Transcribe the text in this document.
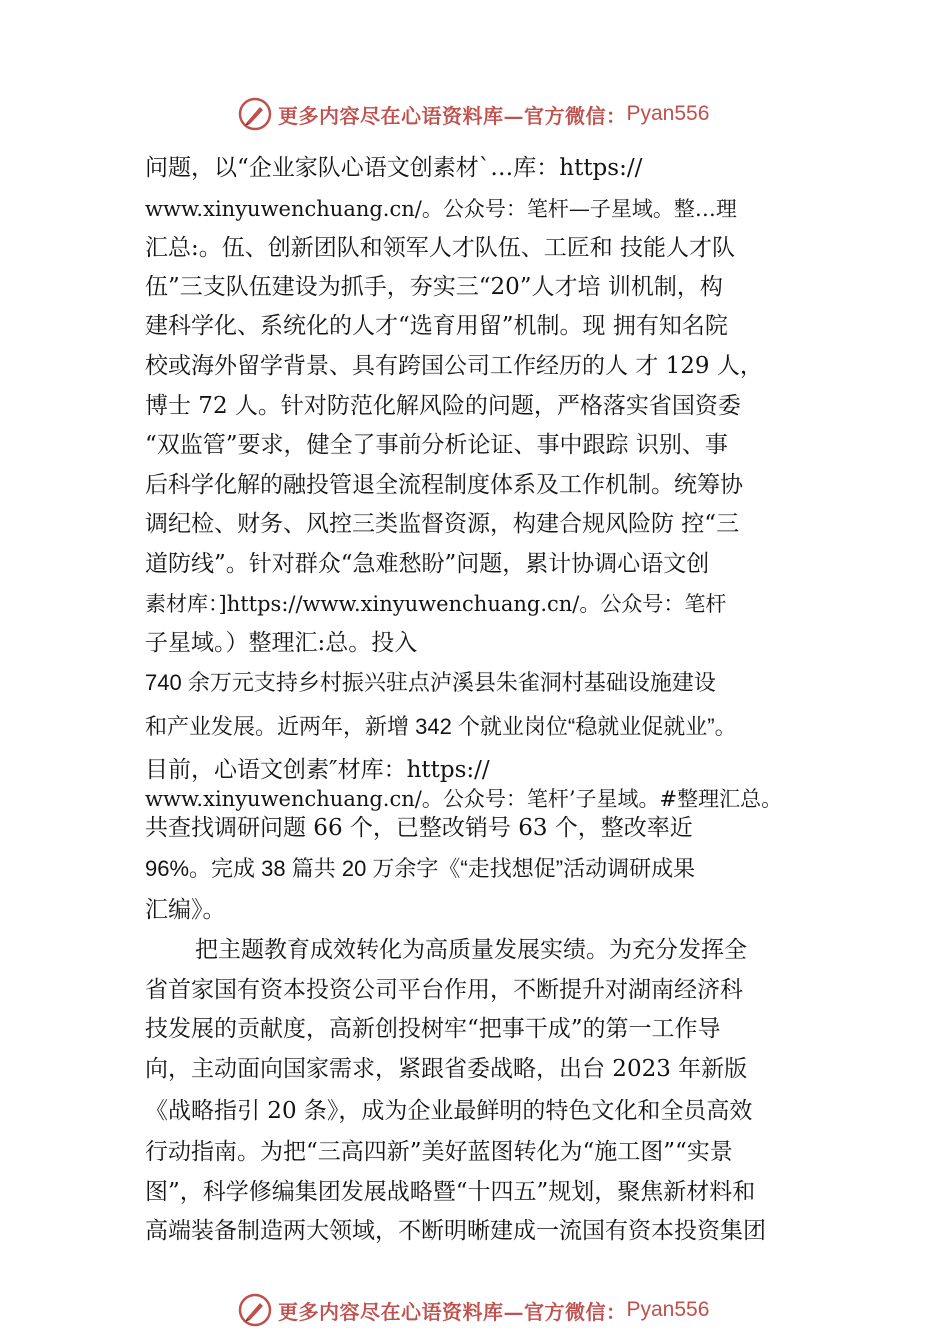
更多内容尽在心语资料库—官方微信： Pyan556
问题，以“企业家队心语文创素材`…库：https://
www.xinyuwenchuang.cn/。公众号：笔杆—子星域。整…理
汇总:。伍、创新团队和领军人才队伍、工匠和 技能人才队
伍”三支队伍建设为抓手，夯实三“20”人才培 训机制，构
建科学化、系统化的人才“选育用留”机制。现 拥有知名院
校或海外留学背景、具有跨国公司工作经历的人 才 129 人，
博士 72 人。针对防范化解风险的问题，严格落实省国资委
“双监管”要求，健全了事前分析论证、事中跟踪 识别、事
后科学化解的融投管退全流程制度体系及工作机制。统筹协
调纪检、财务、风控三类监督资源，构建合规风险防 控“三
道防线”。针对群众“急难愁盼”问题，累计协调心语文创
素材库：]https://www.xinyuwenchuang.cn/。公众号：笔杆
子星域。）整理汇:总。投入
740 余万元支持乡村振兴驻点泸溪县朱雀洞村基础设施建设
和产业发展。近两年，新增 342 个就业岗位“稳就业促就业”。
目前，心语文创素″材库：https://
www.xinyuwenchuang.cn/。公众号：笔杆’子星域。#整理汇总。
共查找调研问题 66 个，已整改销号 63 个，整改率近
96%。完成 38 篇共 20 万余字《“走找想促”活动调研成果
汇编》。
把主题教育成效转化为高质量发展实绩。为充分发挥全
省首家国有资本投资公司平台作用，不断提升对湖南经济科
技发展的贡献度，高新创投树牢“把事干成”的第一工作导
向，主动面向国家需求，紧跟省委战略，出台 2023 年新版
《战略指引 20 条》，成为企业最鲜明的特色文化和全员高效
行动指南。为把“三高四新”美好蓝图转化为“施工图”“实景
图”，科学修编集团发展战略暨“十四五”规划，聚焦新材料和
高端装备制造两大领域，不断明晰建成一流国有资本投资集团
更多内容尽在心语资料库—官方微信： Pyan556
